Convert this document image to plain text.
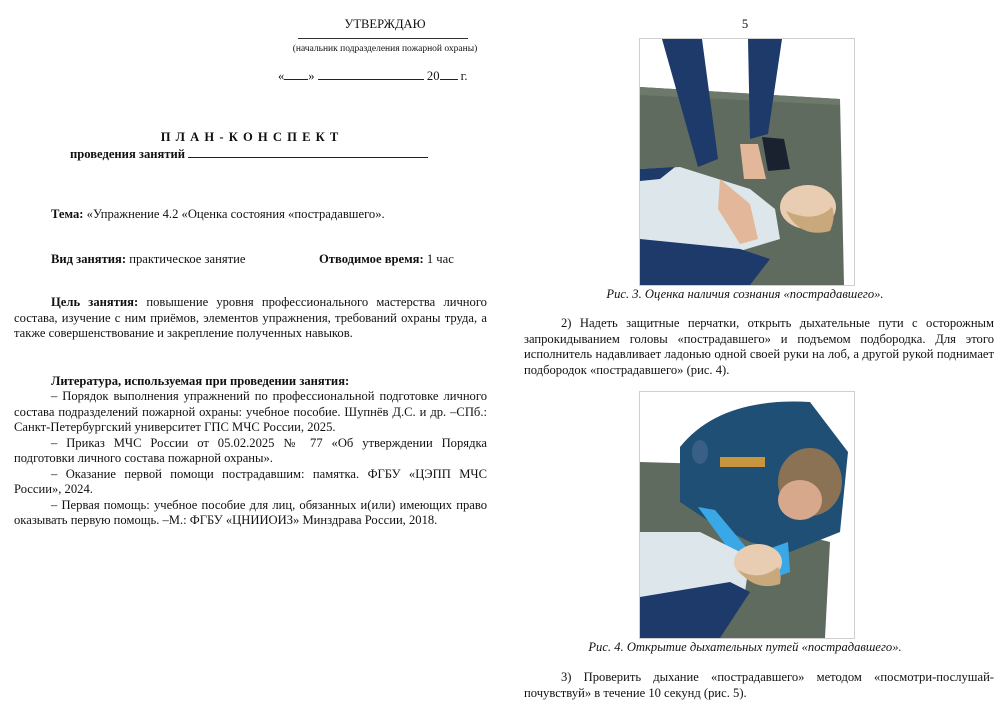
УТВЕРЖДАЮ
(начальник подразделения пожарной охраны)
« »	20 г.
П Л А Н - К О Н С П Е К Т
проведения занятий
Тема: «Упражнение 4.2 «Оценка состояния «пострадавшего».
Вид занятия: практическое занятие	Отводимое время: 1 час

Цель занятия: повышение уровня профессионального мастерства личного состава, изучение с ним приёмов, элементов упражнения, требований охраны труда, а также совершенствование и закрепление полученных навыков.

Литература, используемая при проведении занятия:

– Порядок выполнения упражнений по профессиональной подготовке личного состава подразделений пожарной охраны: учебное пособие. Шупнёв Д.С. и др. –СПб.: Санкт-Петербургский университет ГПС МЧС России, 2025.

– Приказ МЧС России от 05.02.2025 № 77 «Об утверждении Порядка подготовки личного состава пожарной охраны».

– Оказание первой помощи пострадавшим: памятка. ФГБУ «ЦЭПП МЧС России», 2024.

– Первая помощь: учебное пособие для лиц, обязанных и(или) имеющих право оказывать первую помощь. –М.: ФГБУ «ЦНИИОИЗ» Минздрава России, 2018.

5
Рис. 3. Оценка наличия сознания «пострадавшего».

2) Надеть защитные перчатки, открыть дыхательные пути с осторожным запрокидыванием головы «пострадавшего» и подъемом подбородка. Для этого исполнитель надавливает ладонью одной своей руки на лоб, а другой рукой поднимает подбородок «пострадавшего» (рис. 4).

Рис. 4. Открытие дыхательных путей «пострадавшего».

3) Проверить дыхание «пострадавшего» методом «посмотри-послушай-почувствуй» в течение 10 секунд (рис. 5).
